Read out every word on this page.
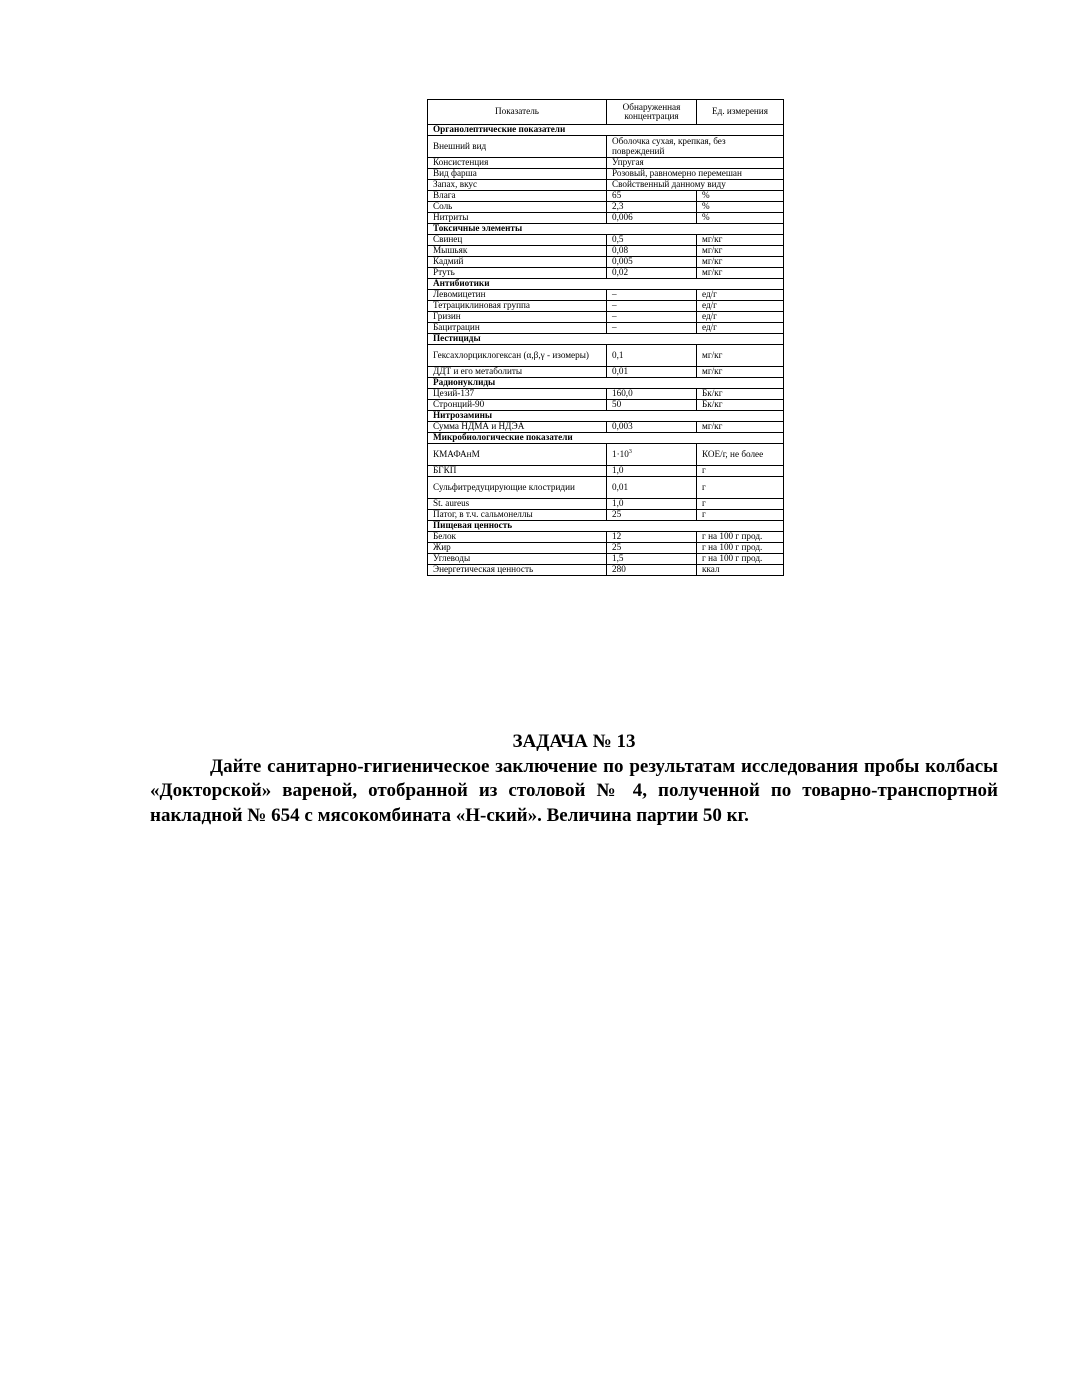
Показатель	Обнаруженная концентрация	Ед. измерения
Органолептические показатели		
Внешний вид	Оболочка сухая, крепкая, без повреждений	
Консистенция	Упругая	
Вид фарша	Розовый, равномерно перемешан	
Запах, вкус	Свойственный данному виду	
Влага	65	%
Соль	2,3	%
Нитриты	0,006	%
Токсичные элементы		
Свинец	0,5	мг/кг
Мышьяк	0,08	мг/кг
Кадмий	0,005	мг/кг
Ртуть	0,02	мг/кг
Антибиотики		
Левомицетин	–	ед/г
Тетрациклиновая группа	–	ед/г
Гризин	–	ед/г
Бацитрацин	–	ед/г
Пестициды		
Гексахлорциклогексан (α,β,γ - изомеры)	0,1	мг/кг
ДДТ и его метаболиты	0,01	мг/кг
Радионуклиды		
Цезий-137	160,0	Бк/кг
Стронций-90	50	Бк/кг
Нитрозамины		
Сумма НДМА и НДЭА	0,003	мг/кг
Микробиологические показатели		
КМАФАнМ	$1\cdot 10^3$	КОЕ/г, не более
БГКП	1,0	г
Сульфитредуцирующие клостридии	0,01	г
St. aureus	1,0	г
Патог, в т.ч. сальмонеллы	25	г
Пищевая ценность		
Белок	12	г на 100 г прод.
Жир	25	г на 100 г прод.
Углеводы	1,5	г на 100 г прод.
Энергетическая ценность	280	ккал

ЗАДАЧА № 13

Дайте санитарно-гигиеническое заключение по результатам исследования пробы колбасы «Докторской» вареной, отобранной из столовой № 4, полученной по товарно-транспортной накладной № 654 с мясокомбината «Н-ский». Величина партии 50 кг.
